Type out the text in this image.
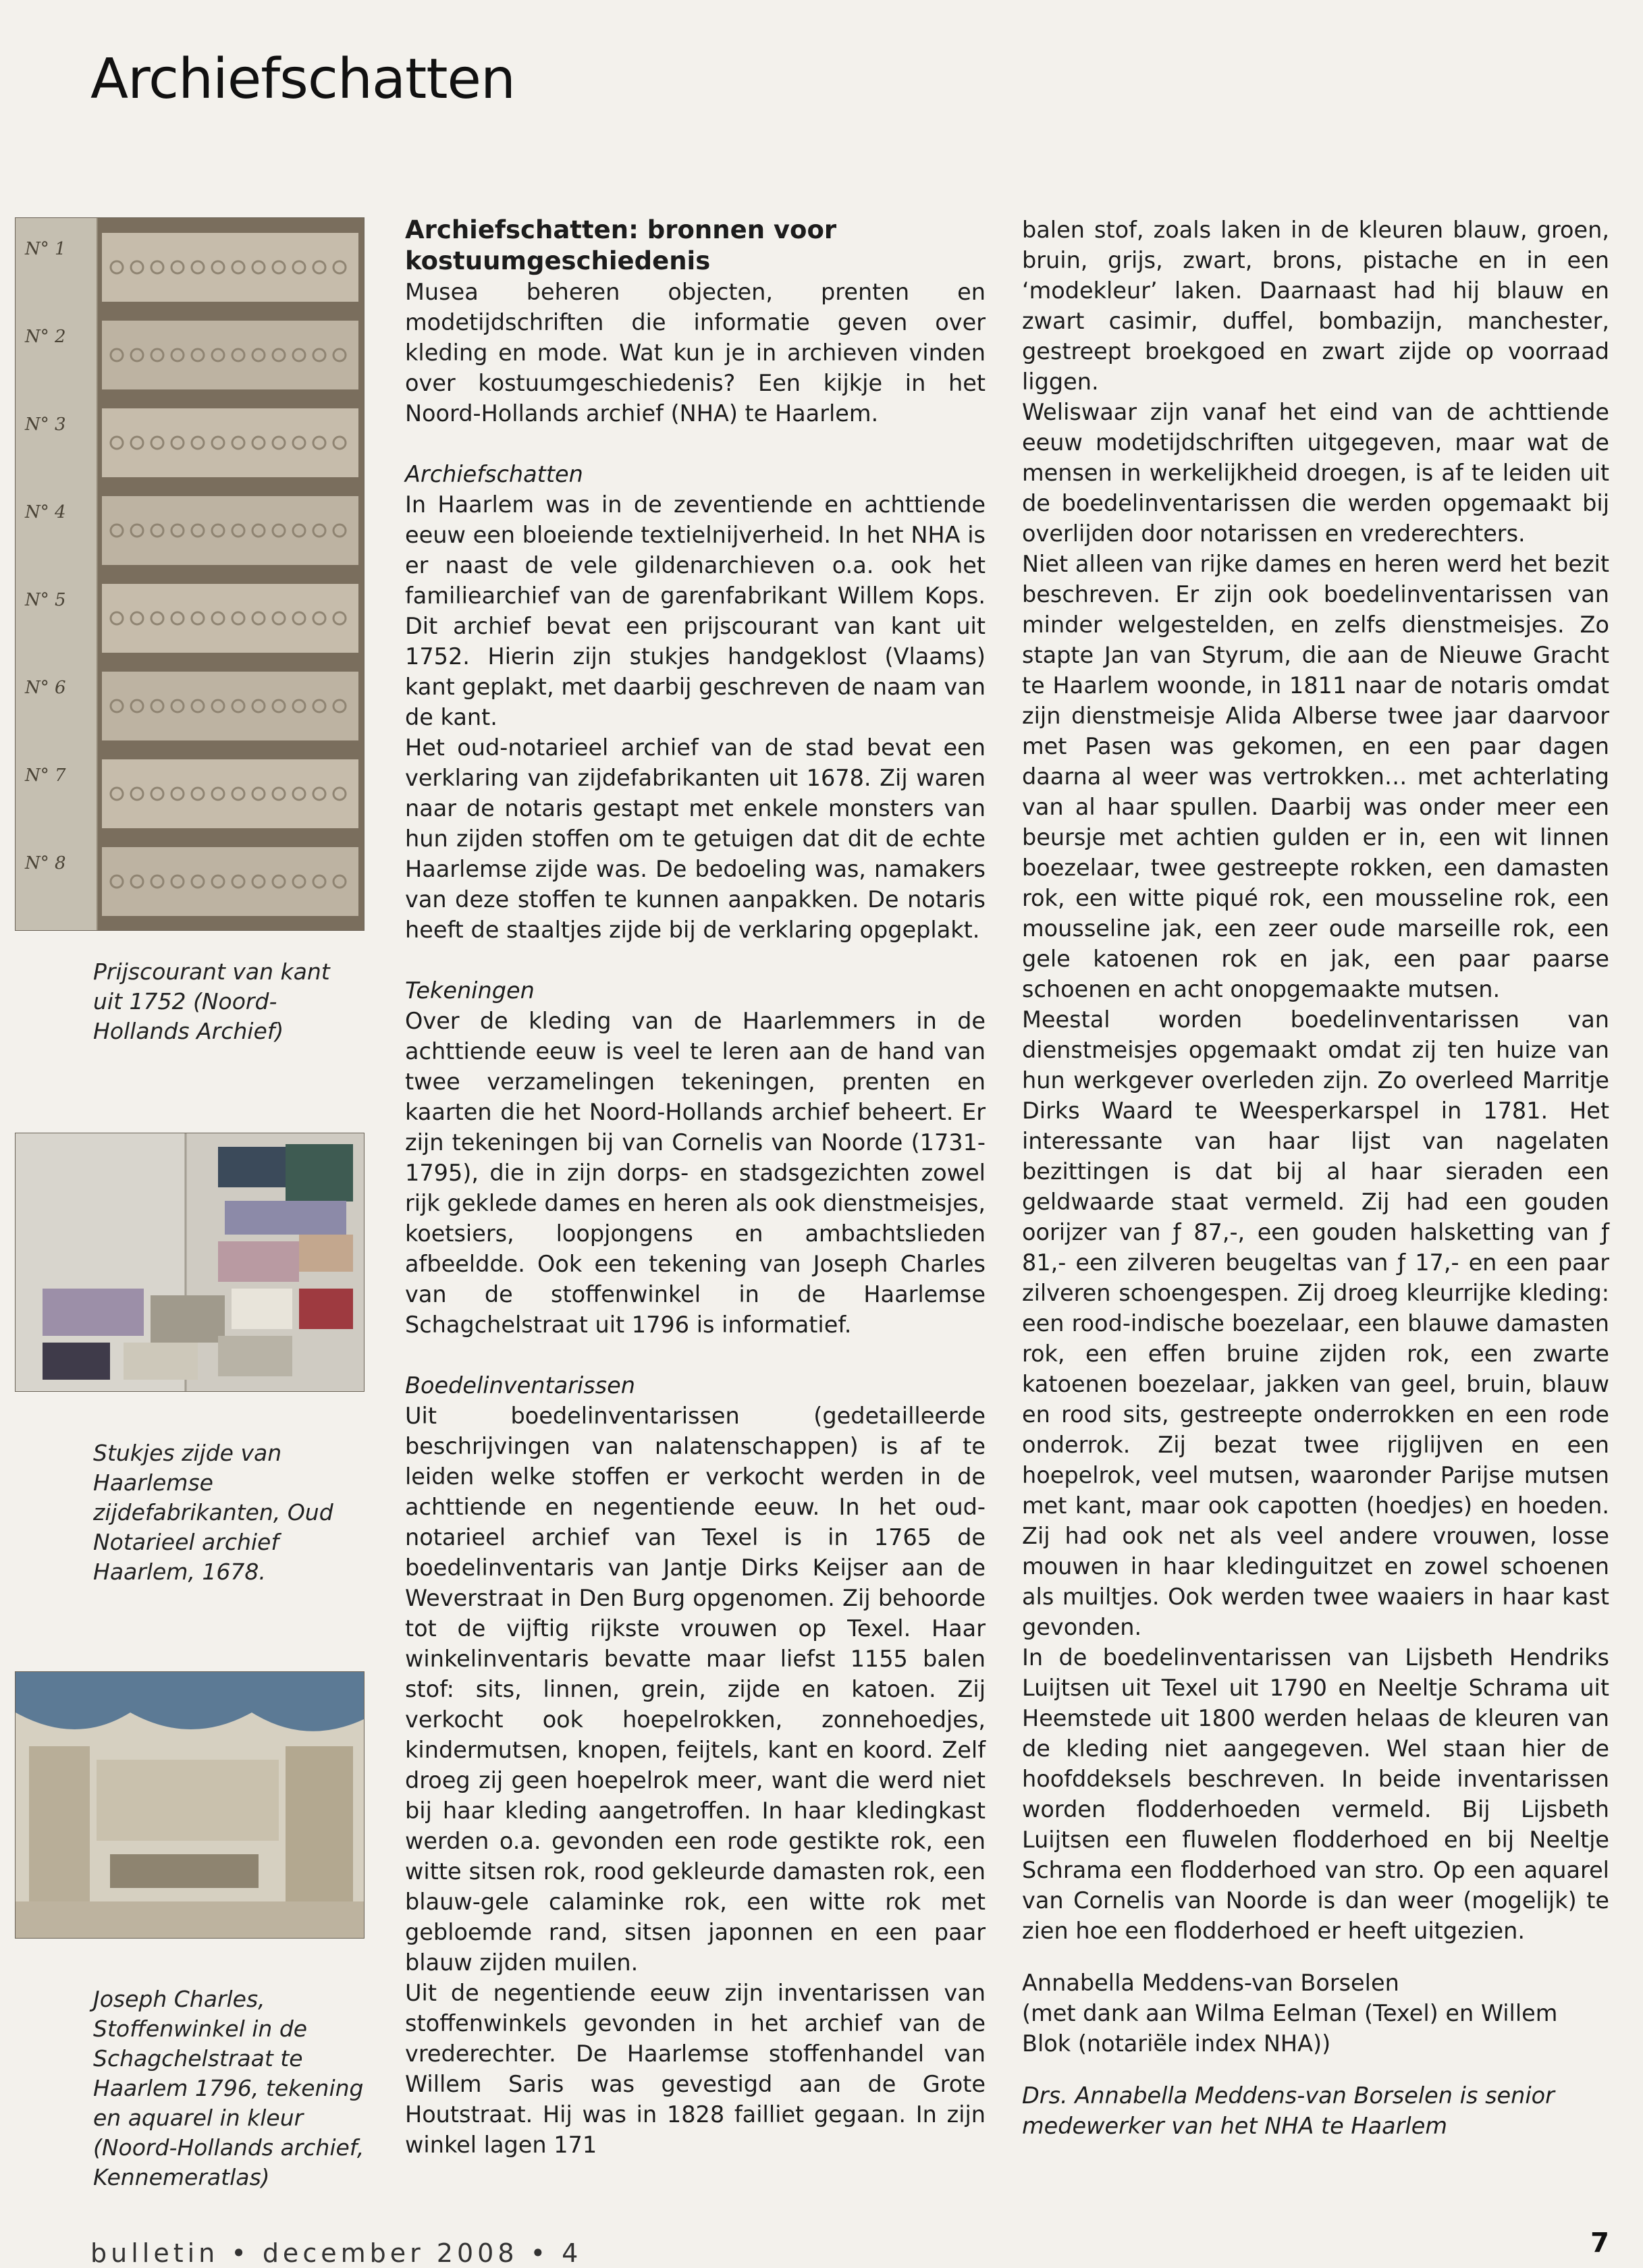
Archiefschatten
N° 1
N° 2
N° 3
N° 4
N° 5
N° 6
N° 7
N° 8

Prijscourant van kant uit 1752 (Noord-Hollands Archief)

Stukjes zijde van Haarlemse zijdefabrikanten, Oud Notarieel archief Haarlem, 1678.

Joseph Charles, Stoffenwinkel in de Schagchelstraat te Haarlem 1796, tekening en aquarel in kleur (Noord-Hollands archief, Kennemeratlas)

Archiefschatten: bronnen voor kostuumgeschiedenis

Musea beheren objecten, prenten en modetijdschriften die informatie geven over kleding en mode. Wat kun je in archieven vinden over kostuumgeschiedenis? Een kijkje in het Noord-Hollands archief (NHA) te Haarlem.

Archiefschatten

In Haarlem was in de zeventiende en achttiende eeuw een bloeiende textielnijverheid. In het NHA is er naast de vele gildenarchieven o.a. ook het familiearchief van de garenfabrikant Willem Kops. Dit archief bevat een prijscourant van kant uit 1752. Hierin zijn stukjes handgeklost (Vlaams) kant geplakt, met daarbij geschreven de naam van de kant.

Het oud-notarieel archief van de stad bevat een verklaring van zijdefabrikanten uit 1678. Zij waren naar de notaris gestapt met enkele monsters van hun zijden stoffen om te getuigen dat dit de echte Haarlemse zijde was. De bedoeling was, namakers van deze stoffen te kunnen aanpakken. De notaris heeft de staaltjes zijde bij de verklaring opgeplakt.

Tekeningen

Over de kleding van de Haarlemmers in de achttiende eeuw is veel te leren aan de hand van twee verzamelingen tekeningen, prenten en kaarten die het Noord-Hollands archief beheert. Er zijn tekeningen bij van Cornelis van Noorde (1731-1795), die in zijn dorps- en stadsgezichten zowel rijk geklede dames en heren als ook dienstmeisjes, koetsiers, loopjongens en ambachtslieden afbeeldde. Ook een tekening van Joseph Charles van de stoffenwinkel in de Haarlemse Schagchelstraat uit 1796 is informatief.

Boedelinventarissen

Uit boedelinventarissen (gedetailleerde beschrijvingen van nalatenschappen) is af te leiden welke stoffen er verkocht werden in de achttiende en negentiende eeuw. In het oud-notarieel archief van Texel is in 1765 de boedelinventaris van Jantje Dirks Keijser aan de Weverstraat in Den Burg opgenomen. Zij behoorde tot de vijftig rijkste vrouwen op Texel. Haar winkelinventaris bevatte maar liefst 1155 balen stof: sits, linnen, grein, zijde en katoen. Zij verkocht ook hoepelrokken, zonnehoedjes, kindermutsen, knopen, feijtels, kant en koord. Zelf droeg zij geen hoepelrok meer, want die werd niet bij haar kleding aangetroffen. In haar kledingkast werden o.a. gevonden een rode gestikte rok, een witte sitsen rok, rood gekleurde damasten rok, een blauw-gele calaminke rok, een witte rok met gebloemde rand, sitsen japonnen en een paar blauw zijden muilen.

Uit de negentiende eeuw zijn inventarissen van stoffenwinkels gevonden in het archief van de vrederechter. De Haarlemse stoffenhandel van Willem Saris was gevestigd aan de Grote Houtstraat. Hij was in 1828 failliet gegaan. In zijn winkel lagen 171

balen stof, zoals laken in de kleuren blauw, groen, bruin, grijs, zwart, brons, pistache en in een ‘modekleur’ laken. Daarnaast had hij blauw en zwart casimir, duffel, bombazijn, manchester, gestreept broekgoed en zwart zijde op voorraad liggen.

Weliswaar zijn vanaf het eind van de achttiende eeuw modetijdschriften uitgegeven, maar wat de mensen in werkelijkheid droegen, is af te leiden uit de boedelinventarissen die werden opgemaakt bij overlijden door notarissen en vrederechters.

Niet alleen van rijke dames en heren werd het bezit beschreven. Er zijn ook boedelinventarissen van minder welgestelden, en zelfs dienstmeisjes. Zo stapte Jan van Styrum, die aan de Nieuwe Gracht te Haarlem woonde, in 1811 naar de notaris omdat zijn dienstmeisje Alida Alberse twee jaar daarvoor met Pasen was gekomen, en een paar dagen daarna al weer was vertrokken… met achterlating van al haar spullen. Daarbij was onder meer een beursje met achtien gulden er in, een wit linnen boezelaar, twee gestreepte rokken, een damasten rok, een witte piqué rok, een mousseline rok, een mousseline jak, een zeer oude marseille rok, een gele katoenen rok en jak, een paar paarse schoenen en acht onopgemaakte mutsen.

Meestal worden boedelinventarissen van dienstmeisjes opgemaakt omdat zij ten huize van hun werkgever overleden zijn. Zo overleed Marritje Dirks Waard te Weesperkarspel in 1781. Het interessante van haar lijst van nagelaten bezittingen is dat bij al haar sieraden een geldwaarde staat vermeld. Zij had een gouden oorijzer van ƒ 87,-, een gouden halsketting van ƒ 81,- een zilveren beugeltas van ƒ 17,- en een paar zilveren schoengespen. Zij droeg kleurrijke kleding: een rood-indische boezelaar, een blauwe damasten rok, een effen bruine zijden rok, een zwarte katoenen boezelaar, jakken van geel, bruin, blauw en rood sits, gestreepte onderrokken en een rode onderrok. Zij bezat twee rijglijven en een hoepelrok, veel mutsen, waaronder Parijse mutsen met kant, maar ook capotten (hoedjes) en hoeden. Zij had ook net als veel andere vrouwen, losse mouwen in haar kledinguitzet en zowel schoenen als muiltjes. Ook werden twee waaiers in haar kast gevonden.

In de boedelinventarissen van Lijsbeth Hendriks Luijtsen uit Texel uit 1790 en Neeltje Schrama uit Heemstede uit 1800 werden helaas de kleuren van de kleding niet aangegeven. Wel staan hier de hoofddeksels beschreven. In beide inventarissen worden flodderhoeden vermeld. Bij Lijsbeth Luijtsen een fluwelen flodderhoed en bij Neeltje Schrama een flodderhoed van stro. Op een aquarel van Cornelis van Noorde is dan weer (mogelijk) te zien hoe een flodderhoed er heeft uitgezien.

Annabella Meddens-van Borselen

(met dank aan Wilma Eelman (Texel) en Willem Blok (notariële index NHA))

Drs. Annabella Meddens-van Borselen is senior medewerker van het NHA te Haarlem

bulletin • december 2008 • 4	7
